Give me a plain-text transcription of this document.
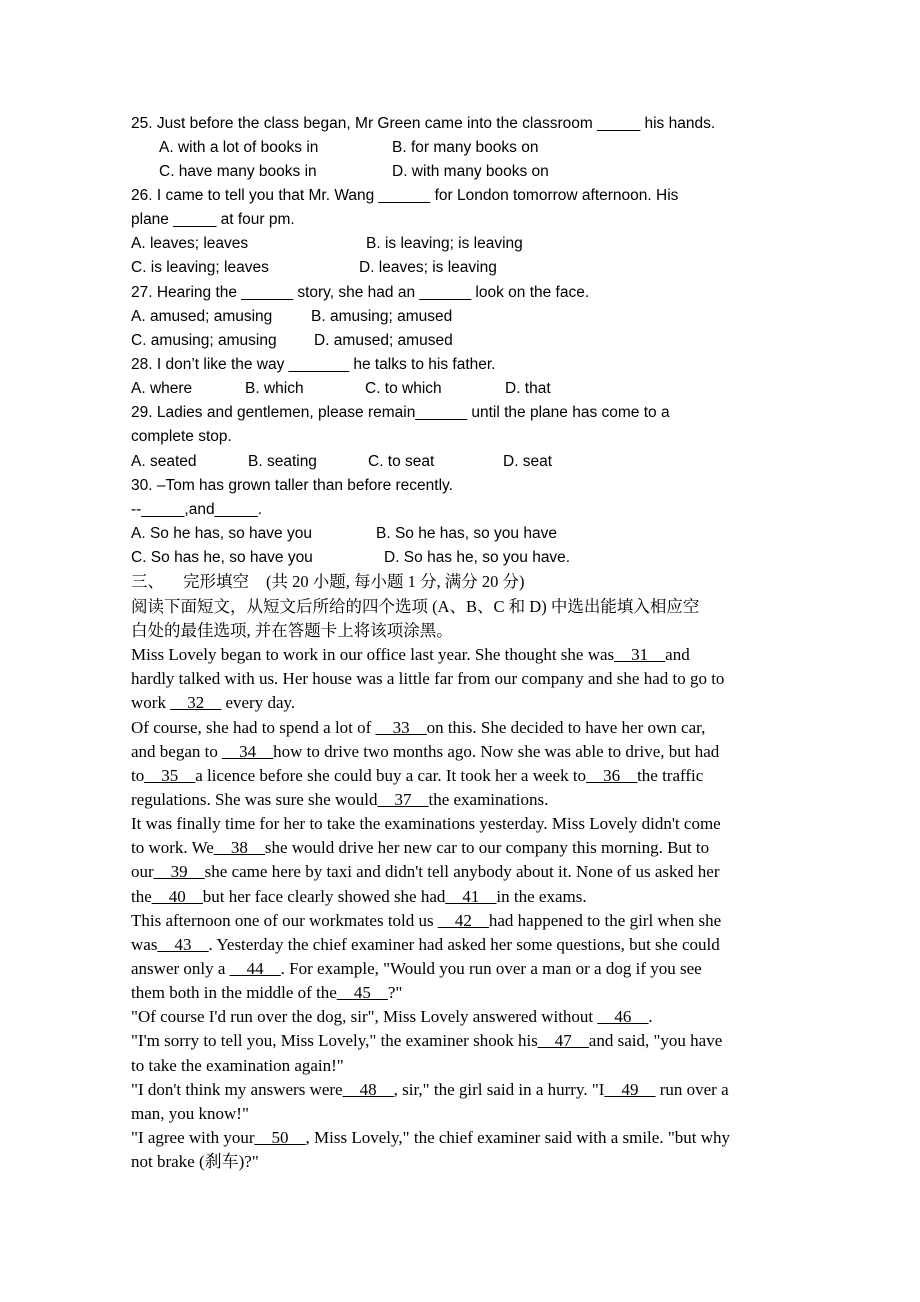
25. Just before the class began, Mr Green came into the classroom _____ his hands.

A. with a lot of books in

	B. for many books on

C. have many books in

	D. with many books on

26. I came to tell you that Mr. Wang ______ for London tomorrow afternoon. His
plane _____ at four pm.

A. leaves; leaves

	B. is leaving; is leaving

C. is leaving; leaves

	D. leaves; is leaving

27. Hearing the ______ story, she had an ______ look on the face.

A. amused; amusing

B. amusing; amused

C. amusing; amusing

D. amused; amused

28. I don’t like the way _______ he talks to his father.

A. where

	B. which

	C. to which

	D. that

29. Ladies and gentlemen, please remain______ until the plane has come to a
complete stop.

A. seated

	B. seating

	C. to seat

	D. seat

30. –Tom has grown taller than before recently.
--_____,and_____.

A. So he has, so have you

	B. So he has, so you have

C. So has he, so have you

	D. So has he, so you have.

三、

完形填空

(共 20 小题, 每小题 1 分, 满分 20 分)

阅读下面短文，从短文后所给的四个选项 (A、B、C 和 D) 中选出能填入相应空
白处的最佳选项, 并在答题卡上将该项涂黑。
Miss Lovely began to work in our office last year. She thought she was__31__and
hardly talked with us. Her house was a little far from our company and she had to go to
work __32__ every day.
Of course, she had to spend a lot of __33__on this. She decided to have her own car,
and began to __34__how to drive two months ago. Now she was able to drive, but had
to__35__a licence before she could buy a car. It took her a week to__36__the traffic
regulations. She was sure she would__37__the examinations.
It was finally time for her to take the examinations yesterday. Miss Lovely didn't come
to work. We__38__she would drive her new car to our company this morning. But to
our__39__she came here by taxi and didn't tell anybody about it. None of us asked her
the__40__but her face clearly showed she had__41__in the exams.
This afternoon one of our workmates told us __42__had happened to the girl when she
was__43__. Yesterday the chief examiner had asked her some questions, but she could
answer only a __44__. For example, "Would you run over a man or a dog if you see
them both in the middle of the__45__?"
"Of course I'd run over the dog, sir", Miss Lovely answered without __46__.
"I'm sorry to tell you, Miss Lovely," the examiner shook his__47__and said, "you have
to take the examination again!"
"I don't think my answers were__48__, sir," the girl said in a hurry. "I__49__ run over a
man, you know!"
"I agree with your__50__, Miss Lovely," the chief examiner said with a smile. "but why
not brake (刹车)?"
